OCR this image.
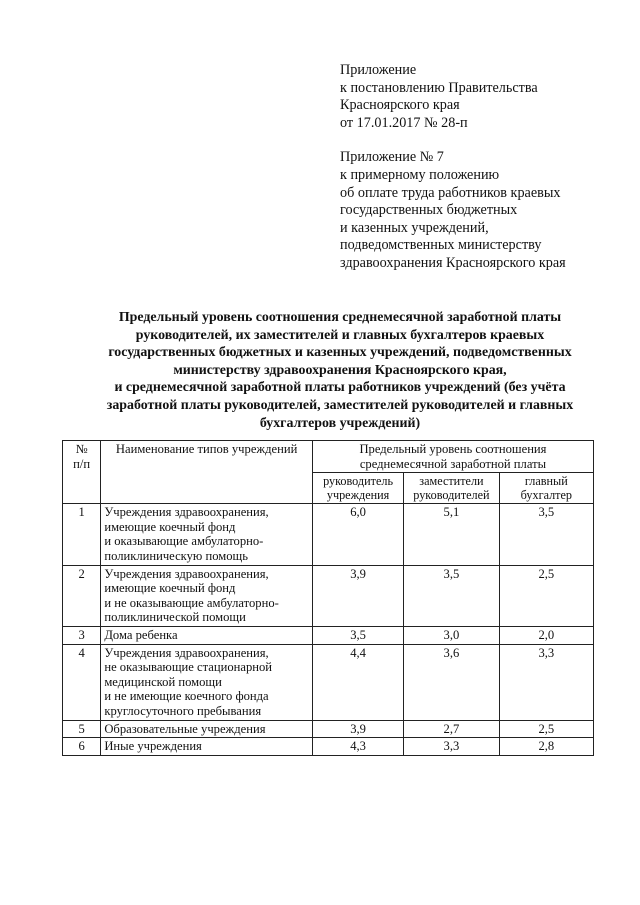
Приложение
к постановлению Правительства
Красноярского края
от 17.01.2017 № 28-п
Приложение № 7
к примерному положению
об оплате труда работников краевых
государственных бюджетных
и казенных учреждений,
подведомственных министерству
здравоохранения Красноярского края
Предельный уровень соотношения среднемесячной заработной платы
руководителей, их заместителей и главных бухгалтеров краевых
государственных бюджетных и казенных учреждений, подведомственных
министерству здравоохранения Красноярского края,
и среднемесячной заработной платы работников учреждений (без учёта
заработной платы руководителей, заместителей руководителей и главных
бухгалтеров учреждений)
№
п/п	Наименование типов учреждений	Предельный уровень соотношения среднемесячной заработной платы		
		руководитель учреждения	заместители руководителей	главный бухгалтер
1	Учреждения здравоохранения,
имеющие коечный фонд
и оказывающие амбулаторно-
поликлиническую помощь	6,0	5,1	3,5
2	Учреждения здравоохранения,
имеющие коечный фонд
и не оказывающие амбулаторно-
поликлинической помощи	3,9	3,5	2,5
3	Дома ребенка	3,5	3,0	2,0
4	Учреждения здравоохранения,
не оказывающие стационарной
медицинской помощи
и не имеющие коечного фонда
круглосуточного пребывания	4,4	3,6	3,3
5	Образовательные учреждения	3,9	2,7	2,5
6	Иные учреждения	4,3	3,3	2,8
